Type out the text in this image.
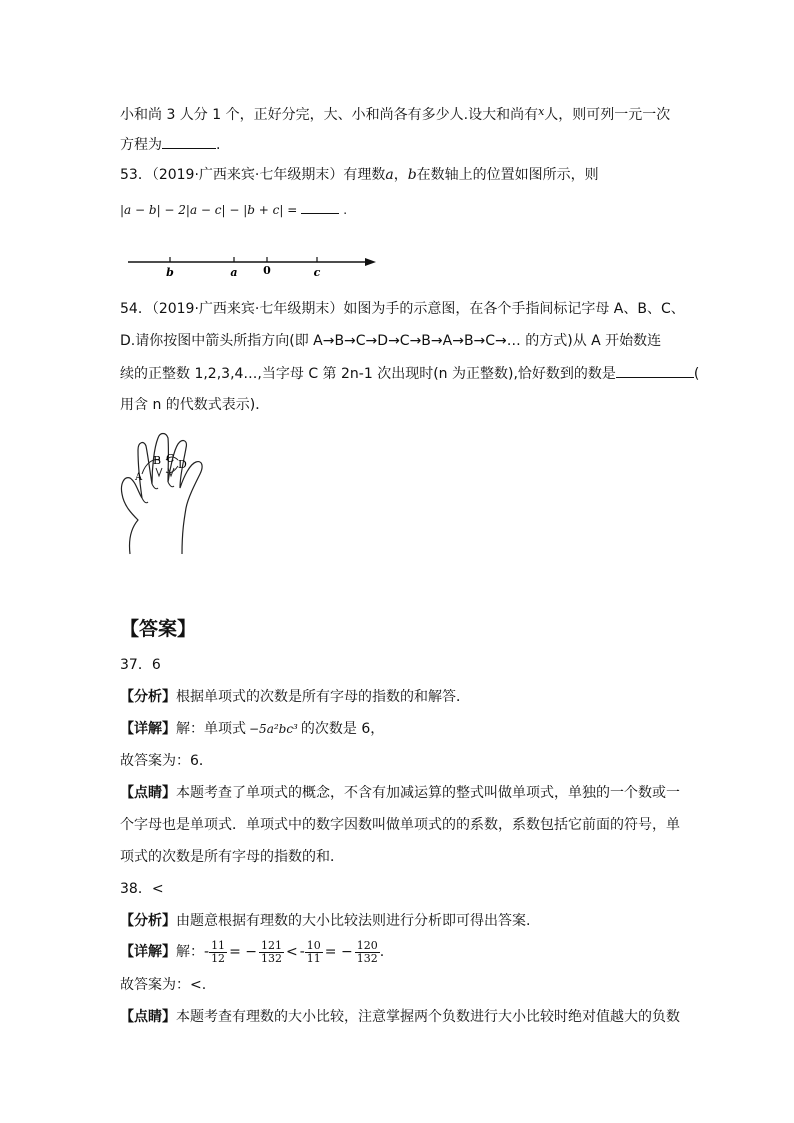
小和尚 3 人分 1 个，正好分完，大、小和尚各有多少人.设大和尚有$^x$人，则可列一元一次
方程为	.
53．（2019·广西来宾·七年级期末）有理数a，b在数轴上的位置如图所示，则
|a − b| − 2|a − c| − |b + c| =	.
b	a 0	c
54．（2019·广西来宾·七年级期末）如图为手的示意图，在各个手指间标记字母 A、B、C、
D.请你按图中箭头所指方向(即 A→B→C→D→C→B→A→B→C→… 的方式)从 A 开始数连
续的正整数 1,2,3,4…,当字母 C 第 2n-1 次出现时(n 为正整数),恰好数到的数是	(
用含 n 的代数式表示)．
A
B C D
【答案】
37．6
【分析】根据单项式的次数是所有字母的指数的和解答．
【详解】解：单项式 −5a²bc³ 的次数是 6，
故答案为：6．
【点睛】本题考查了单项式的概念，不含有加减运算的整式叫做单项式，单独的一个数或一
个字母也是单项式．单项式中的数字因数叫做单项式的的系数，系数包括它前面的符号，单
项式的次数是所有字母的指数的和．
38．<
【分析】由题意根据有理数的大小比较法则进行分析即可得出答案.
【详解】解：- $\frac{11}{12}$ = − $\frac{121}{132}$ < - $\frac{10}{11}$ = − $\frac{120}{132}$ .
故答案为：<.
【点睛】本题考查有理数的大小比较，注意掌握两个负数进行大小比较时绝对值越大的负数
